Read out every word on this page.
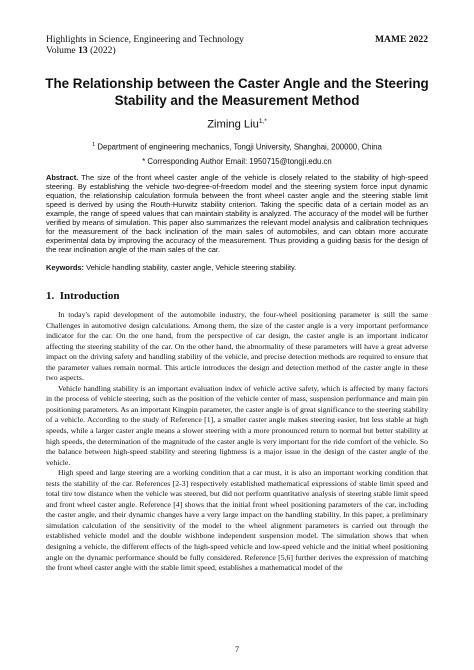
Highlights in Science, Engineering and Technology	MAME 2022
Volume 13 (2022)
The Relationship between the Caster Angle and the Steering Stability and the Measurement Method
Ziming Liu$^{1,*}$
$^1$ Department of engineering mechanics, Tongji University, Shanghai, 200000, China
* Corresponding Author Email: 1950715@tongji.edu.cn
Abstract. The size of the front wheel caster angle of the vehicle is closely related to the stability of high-speed steering. By establishing the vehicle two-degree-of-freedom model and the steering system force input dynamic equation, the relationship calculation formula between the front wheel caster angle and the steering stable limit speed is derived by using the Routh-Hurwitz stability criterion. Taking the specific data of a certain model as an example, the range of speed values that can maintain stability is analyzed. The accuracy of the model will be further verified by means of simulation. This paper also summarizes the relevant model analysis and calibration techniques for the measurement of the back inclination of the main sales of automobiles, and can obtain more accurate experimental data by improving the accuracy of the measurement. Thus providing a guiding basis for the design of the rear inclination angle of the main sales of the car.
Keywords: Vehicle handling stability, caster angle, Vehicle steering stability.
1. Introduction

In today's rapid development of the automobile industry, the four-wheel positioning parameter is still the same Challenges in automotive design calculations. Among them, the size of the caster angle is a very important performance indicator for the car. On the one hand, from the perspective of car design, the caster angle is an important indicator affecting the steering stability of the car. On the other hand, the abnormality of these parameters will have a great adverse impact on the driving safety and handling stability of the vehicle, and precise detection methods are required to ensure that the parameter values remain normal. This article introduces the design and detection method of the caster angle in these two aspects.

Vehicle handling stability is an important evaluation index of vehicle active safety, which is affected by many factors in the process of vehicle steering, such as the position of the vehicle center of mass, suspension performance and main pin positioning parameters. As an important Kingpin parameter, the caster angle is of great significance to the steering stability of a vehicle. According to the study of Reference [1], a smaller caster angle makes steering easier, but less stable at high speeds, while a larger caster angle means a slower steering with a more pronounced return to normal but better stability at high speeds, the determination of the magnitude of the caster angle is very important for the ride comfort of the vehicle. So the balance between high-speed stability and steering lightness is a major issue in the design of the caster angle of the vehicle.

High speed and large steering are a working condition that a car must, it is also an important working condition that tests the stability of the car. References [2-3] respectively established mathematical expressions of stable limit speed and total tire tow distance when the vehicle was steered, but did not perform quantitative analysis of steering stable limit speed and front wheel caster angle. Reference [4] shows that the initial front wheel positioning parameters of the car, including the caster angle, and their dynamic changes have a very large impact on the handling stability. In this paper, a preliminary simulation calculation of the sensitivity of the model to the wheel alignment parameters is carried out through the established vehicle model and the double wishbone independent suspension model. The simulation shows that when designing a vehicle, the different effects of the high-speed vehicle and low-speed vehicle and the initial wheel positioning angle on the dynamic performance should be fully considered. Reference [5,6] further derives the expression of matching the front wheel caster angle with the stable limit speed, establishes a mathematical model of the

7
